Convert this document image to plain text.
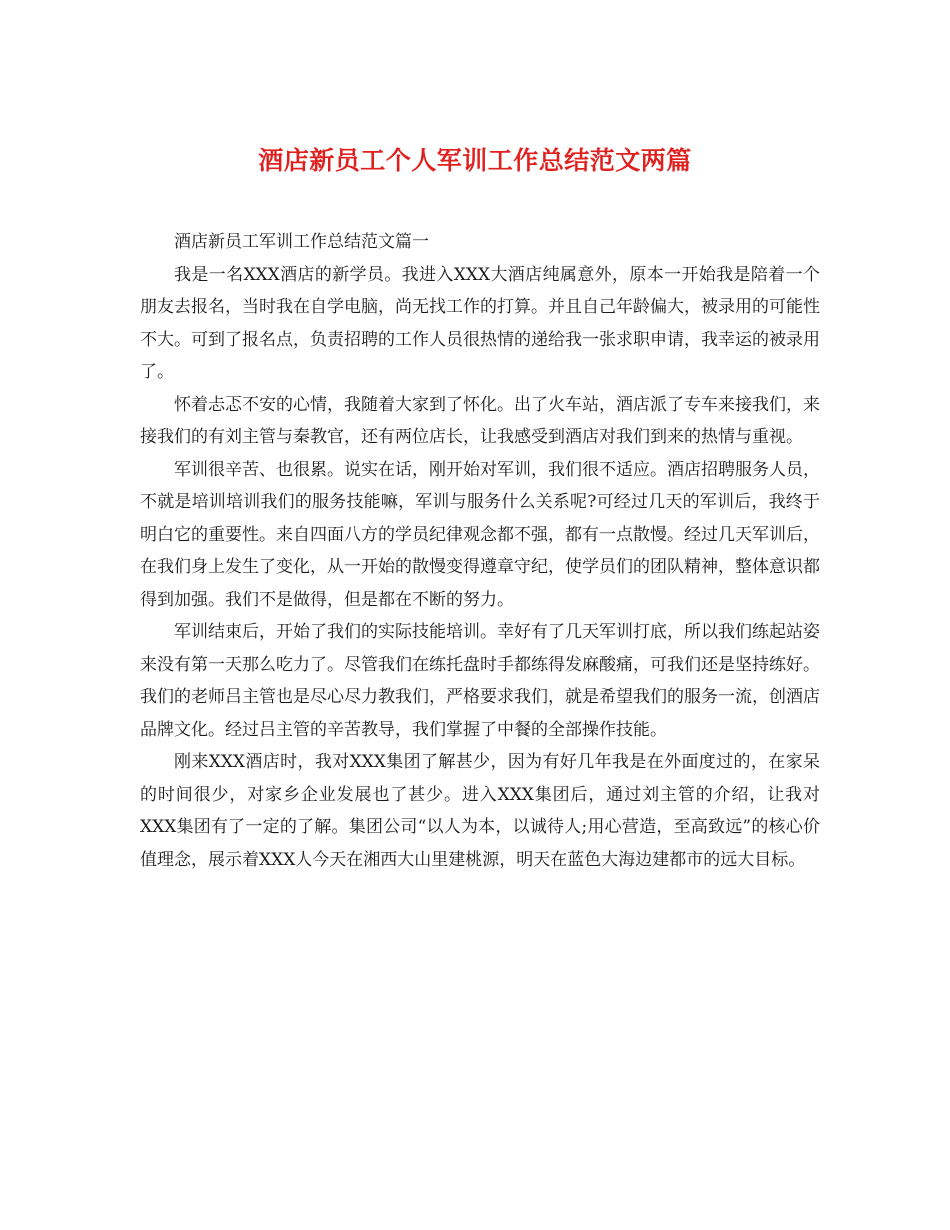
酒店新员工个人军训工作总结范文两篇

酒店新员工军训工作总结范文篇一

我是一名XXX酒店的新学员。我进入XXX大酒店纯属意外，原本一开始我是陪着一个朋友去报名，当时我在自学电脑，尚无找工作的打算。并且自己年龄偏大，被录用的可能性不大。可到了报名点，负责招聘的工作人员很热情的递给我一张求职申请，我幸运的被录用了。

怀着忐忑不安的心情，我随着大家到了怀化。出了火车站，酒店派了专车来接我们，来接我们的有刘主管与秦教官，还有两位店长，让我感受到酒店对我们到来的热情与重视。

军训很辛苦、也很累。说实在话，刚开始对军训，我们很不适应。酒店招聘服务人员，不就是培训培训我们的服务技能嘛，军训与服务什么关系呢?可经过几天的军训后，我终于明白它的重要性。来自四面八方的学员纪律观念都不强，都有一点散慢。经过几天军训后，在我们身上发生了变化，从一开始的散慢变得遵章守纪，使学员们的团队精神，整体意识都得到加强。我们不是做得，但是都在不断的努力。

军训结束后，开始了我们的实际技能培训。幸好有了几天军训打底，所以我们练起站姿来没有第一天那么吃力了。尽管我们在练托盘时手都练得发麻酸痛，可我们还是坚持练好。我们的老师吕主管也是尽心尽力教我们，严格要求我们，就是希望我们的服务一流，创酒店品牌文化。经过吕主管的辛苦教导，我们掌握了中餐的全部操作技能。

刚来XXX酒店时，我对XXX集团了解甚少，因为有好几年我是在外面度过的，在家呆的时间很少，对家乡企业发展也了甚少。进入XXX集团后，通过刘主管的介绍，让我对XXX集团有了一定的了解。集团公司“以人为本，以诚待人;用心营造，至高致远”的核心价值理念，展示着XXX人今天在湘西大山里建桃源，明天在蓝色大海边建都市的远大目标。
